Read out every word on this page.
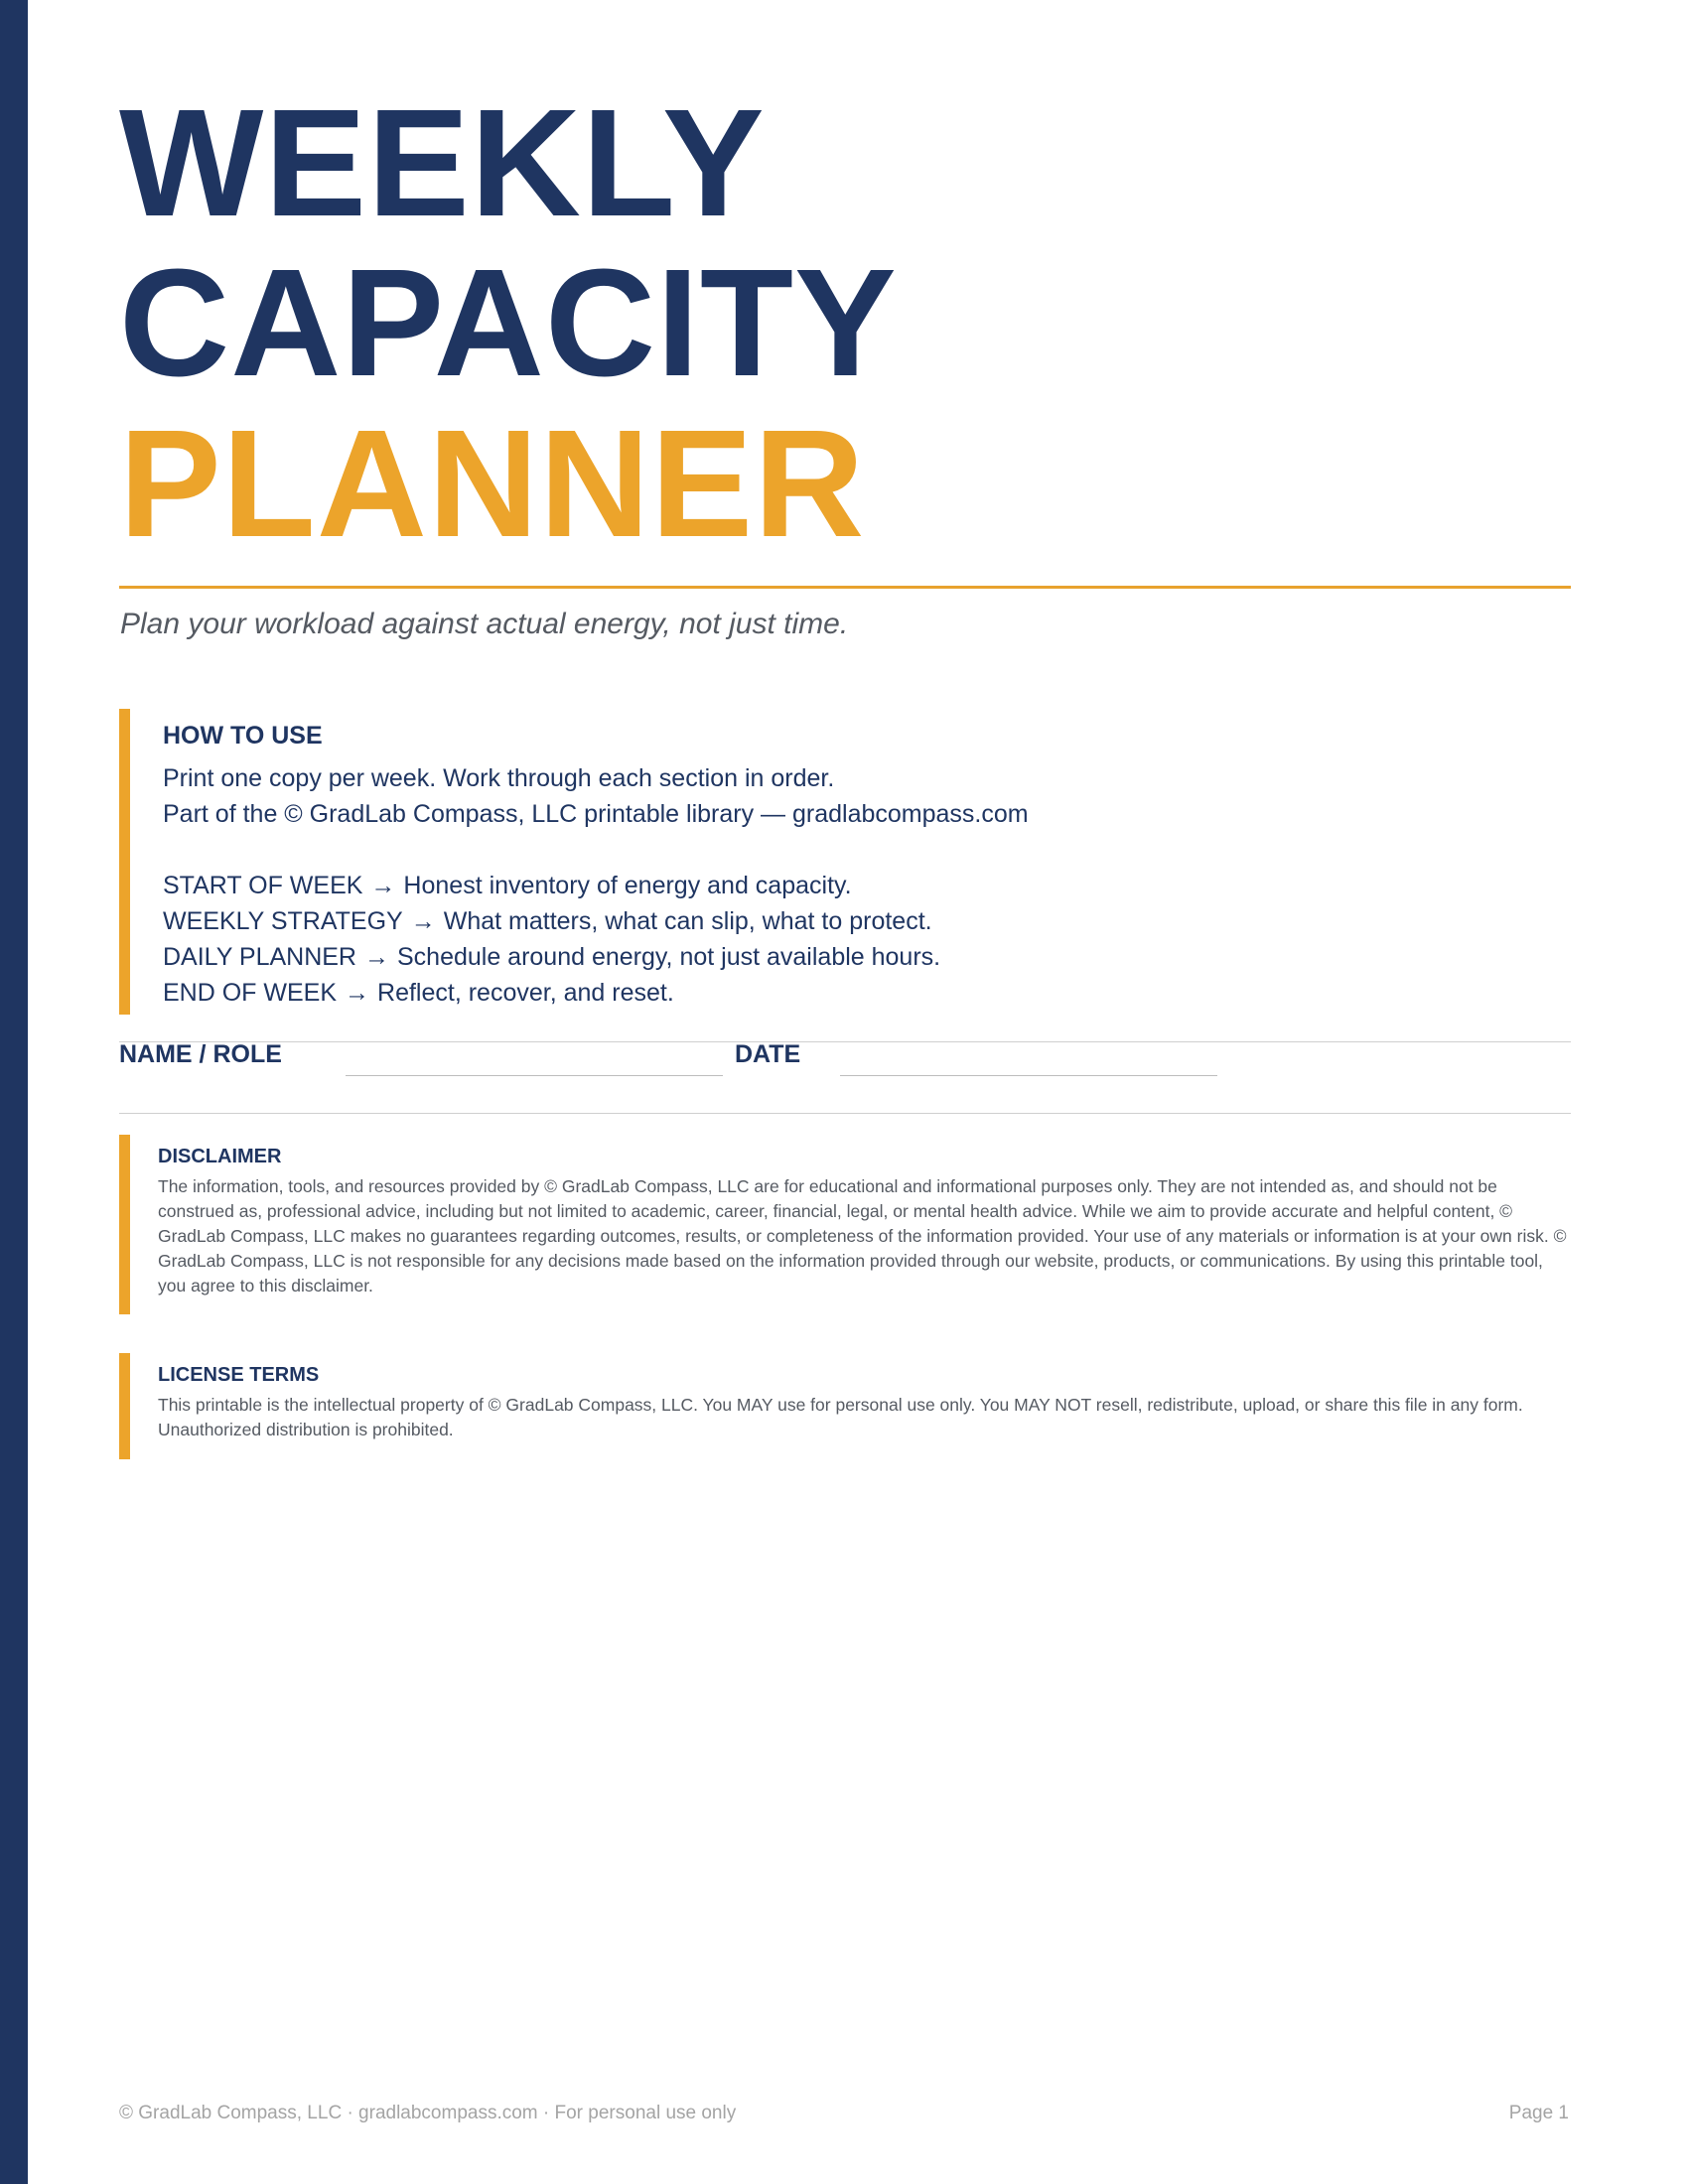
WEEKLY
CAPACITY
PLANNER

Plan your workload against actual energy, not just time.

HOW TO USE

Print one copy per week. Work through each section in order.

Part of the © GradLab Compass, LLC printable library — gradlabcompass.com

START OF WEEK → Honest inventory of energy and capacity.

WEEKLY STRATEGY → What matters, what can slip, what to protect.

DAILY PLANNER → Schedule around energy, not just available hours.

END OF WEEK → Reflect, recover, and reset.

NAME / ROLE	DATE

DISCLAIMER

The information, tools, and resources provided by © GradLab Compass, LLC are for educational and informational purposes only. They are not intended as, and should not be construed as, professional advice, including but not limited to academic, career, financial, legal, or mental health advice. While we aim to provide accurate and helpful content, © GradLab Compass, LLC makes no guarantees regarding outcomes, results, or completeness of the information provided. Your use of any materials or information is at your own risk. © GradLab Compass, LLC is not responsible for any decisions made based on the information provided through our website, products, or communications. By using this printable tool, you agree to this disclaimer.

LICENSE TERMS

This printable is the intellectual property of © GradLab Compass, LLC. You MAY use for personal use only. You MAY NOT resell, redistribute, upload, or share this file in any form. Unauthorized distribution is prohibited.

© GradLab Compass, LLC · gradlabcompass.com · For personal use only	Page 1
